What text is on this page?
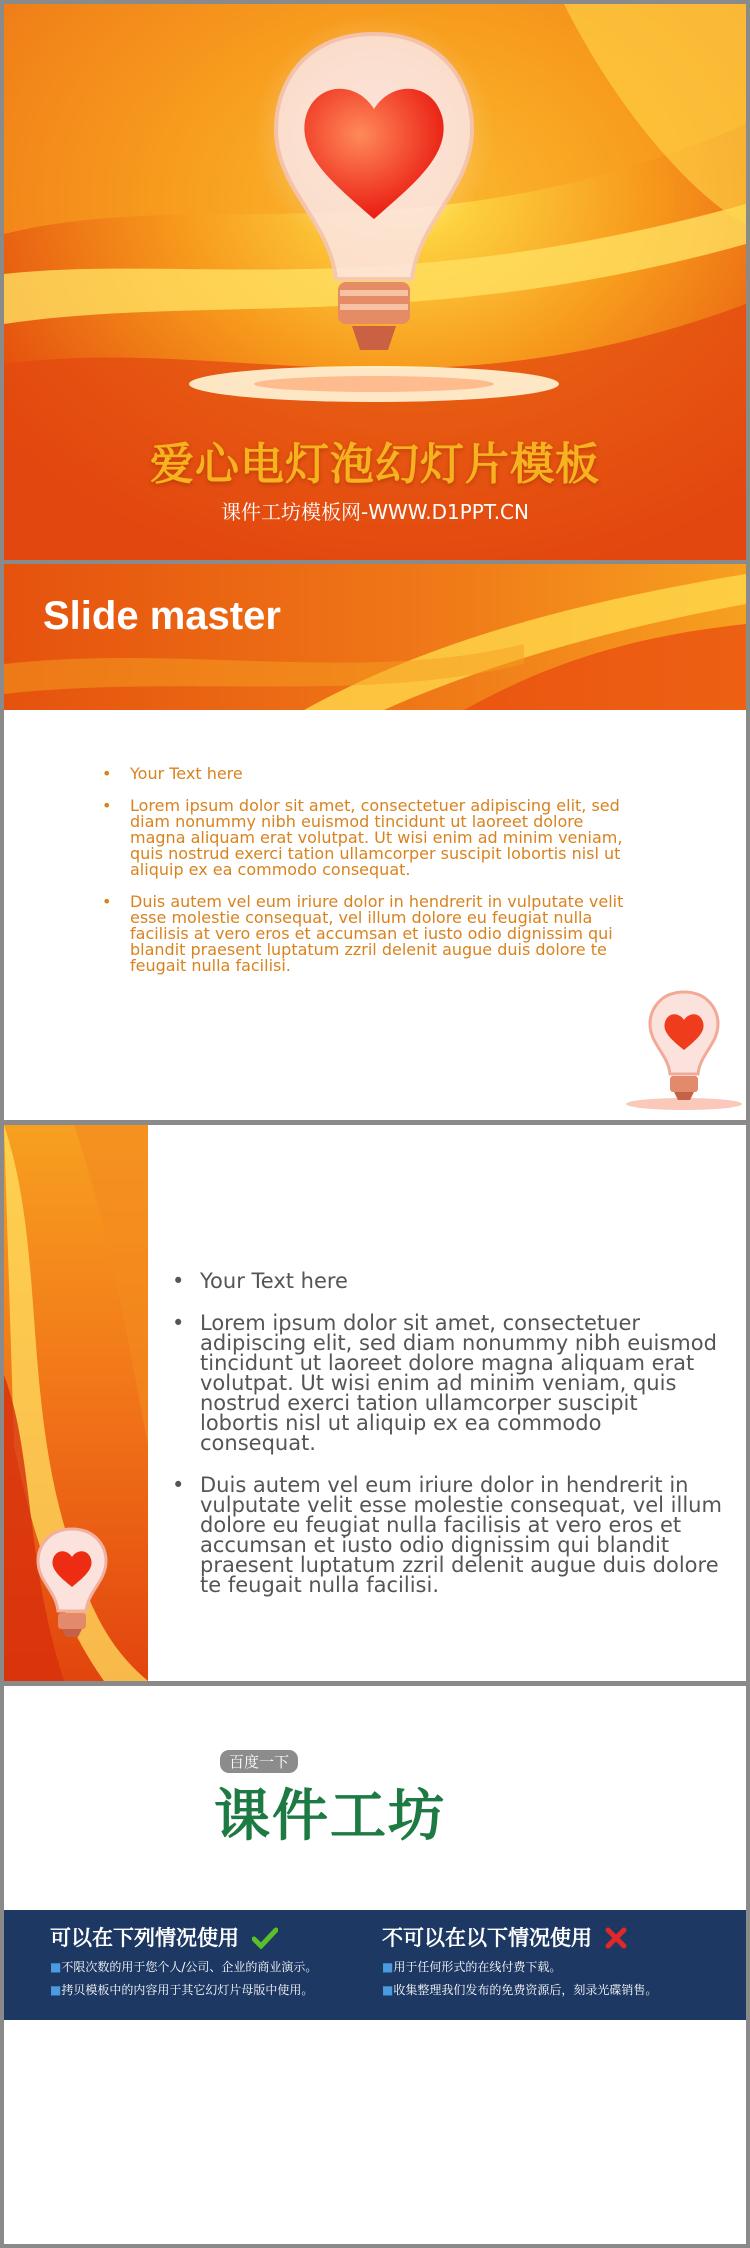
爱心电灯泡幻灯片模板
课件工坊模板网-WWW.D1PPT.CN
Slide master
• Your Text here
• Lorem ipsum dolor sit amet, consectetuer adipiscing elit, sed diam nonummy nibh euismod tincidunt ut laoreet dolore magna aliquam erat volutpat. Ut wisi enim ad minim veniam, quis nostrud exerci tation ullamcorper suscipit lobortis nisl ut aliquip ex ea commodo consequat.
• Duis autem vel eum iriure dolor in hendrerit in vulputate velit esse molestie consequat, vel illum dolore eu feugiat nulla facilisis at vero eros et accumsan et iusto odio dignissim qui blandit praesent luptatum zzril delenit augue duis dolore te feugait nulla facilisi.
• Your Text here
• Lorem ipsum dolor sit amet, consectetuer adipiscing elit, sed diam nonummy nibh euismod tincidunt ut laoreet dolore magna aliquam erat volutpat. Ut wisi enim ad minim veniam, quis nostrud exerci tation ullamcorper suscipit lobortis nisl ut aliquip ex ea commodo consequat.
• Duis autem vel eum iriure dolor in hendrerit in vulputate velit esse molestie consequat, vel illum dolore eu feugiat nulla facilisis at vero eros et accumsan et iusto odio dignissim qui blandit praesent luptatum zzril delenit augue duis dolore te feugait nulla facilisi.
百度一下
课件工坊
可以在下列情况使用
■不限次数的用于您个人/公司、企业的商业演示。
■拷贝模板中的内容用于其它幻灯片母版中使用。
不可以在以下情况使用
■用于任何形式的在线付费下载。
■收集整理我们发布的免费资源后，刻录光碟销售。
